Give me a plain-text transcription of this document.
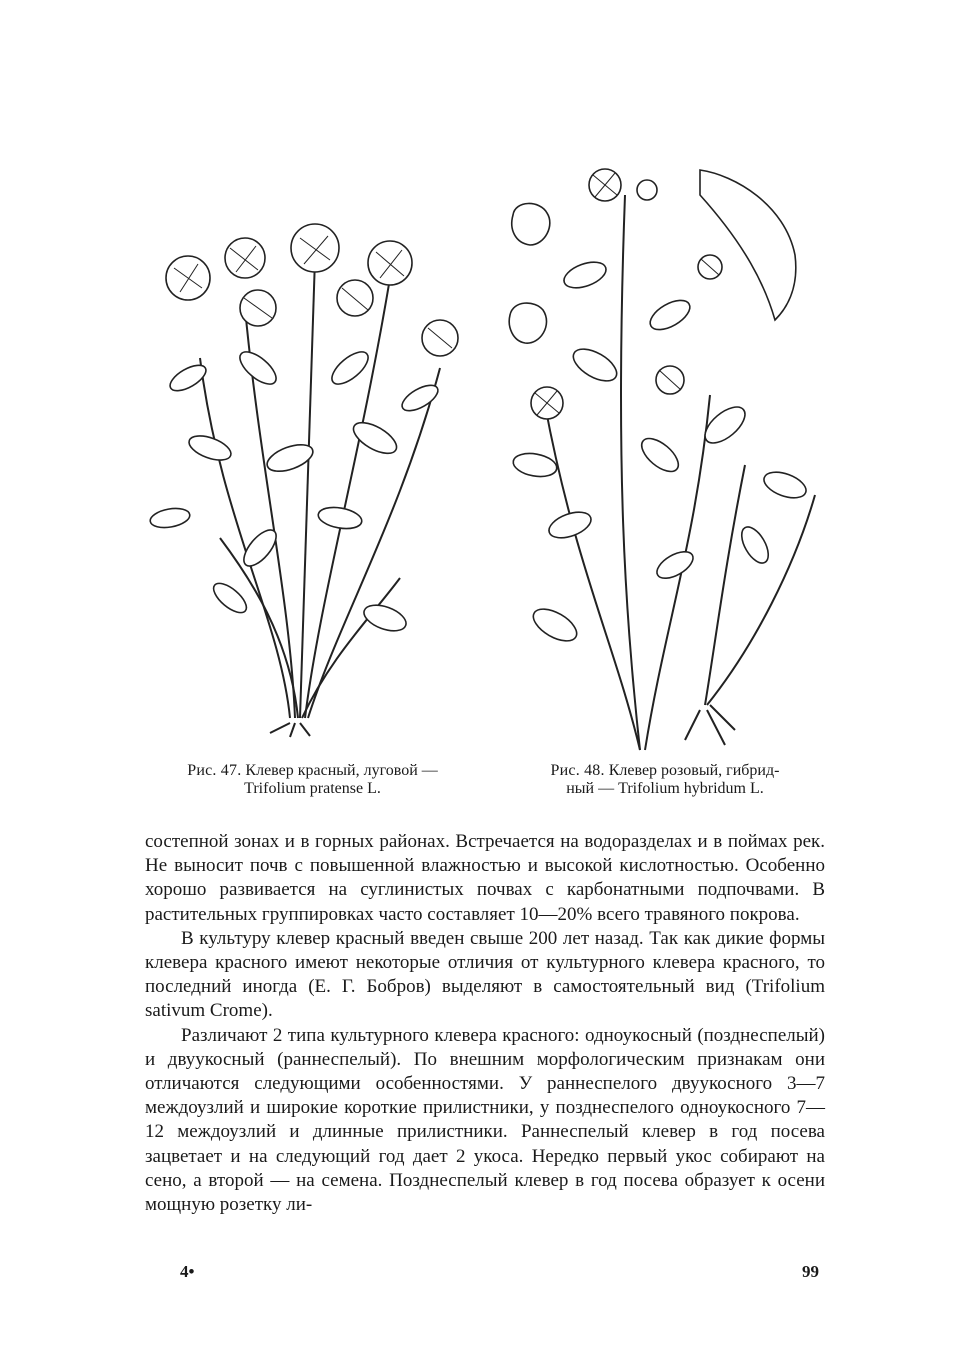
Рис. 47. Клевер красный, луговой —
Trifolium pratense L.
Рис. 48. Клевер розовый, гибрид-
ный — Trifolium hybridum L.

состепной зонах и в горных районах. Встречается на водоразделах и в поймах рек. Не выносит почв с повышенной влажностью и высокой кислотностью. Особенно хорошо развивается на суглинистых почвах с карбонатными подпочвами. В растительных группировках часто составляет 10—20% всего травяного покрова.

В культуру клевер красный введен свыше 200 лет назад. Так как дикие формы клевера красного имеют некоторые отличия от культурного клевера красного, то последний иногда (Е. Г. Бобров) выделяют в самостоятельный вид (Trifolium sativum Crome).

Различают 2 типа культурного клевера красного: одноукосный (позднеспелый) и двуукосный (раннеспелый). По внешним морфологическим признакам они отличаются следующими особенностями. У раннеспелого двуукосного 3—7 междоузлий и широкие короткие прилистники, у позднеспелого одноукосного 7—12 междоузлий и длинные прилистники. Раннеспелый клевер в год посева зацветает и на следующий год дает 2 укоса. Нередко первый укос собирают на сено, а второй — на семена. Позднеспелый клевер в год посева образует к осени мощную розетку ли-

4•	99
